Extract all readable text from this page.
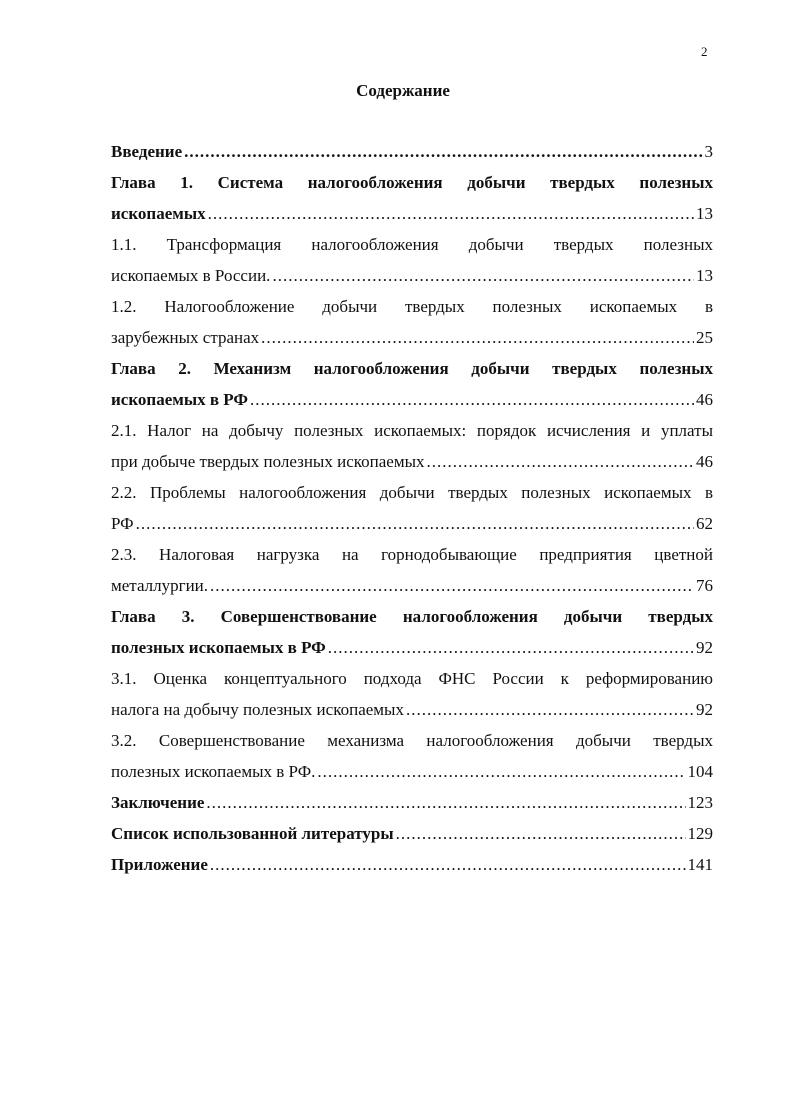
2
Содержание
Введение .....	3
Глава 1. Система налогообложения добычи твердых полезных
ископаемых .....	13
1.1. Трансформация налогообложения добычи твердых полезных
ископаемых в России. .....	13
1.2. Налогообложение добычи твердых полезных ископаемых в
зарубежных странах .....	25
Глава 2. Механизм налогообложения добычи твердых полезных
ископаемых в РФ .....	46
2.1. Налог на добычу полезных ископаемых: порядок исчисления и уплаты
при добыче твердых полезных ископаемых .....	46
2.2. Проблемы налогообложения добычи твердых полезных ископаемых в
РФ .....	62
2.3. Налоговая нагрузка на горнодобывающие предприятия цветной
металлургии. .....	76
Глава 3. Совершенствование налогообложения добычи твердых
полезных ископаемых в РФ .....	92
3.1. Оценка концептуального подхода ФНС России к реформированию
налога на добычу полезных ископаемых .....	92
3.2. Совершенствование механизма налогообложения добычи твердых
полезных ископаемых в РФ. .....	104
Заключение .....	123
Список использованной литературы .....	129
Приложение .....	141
